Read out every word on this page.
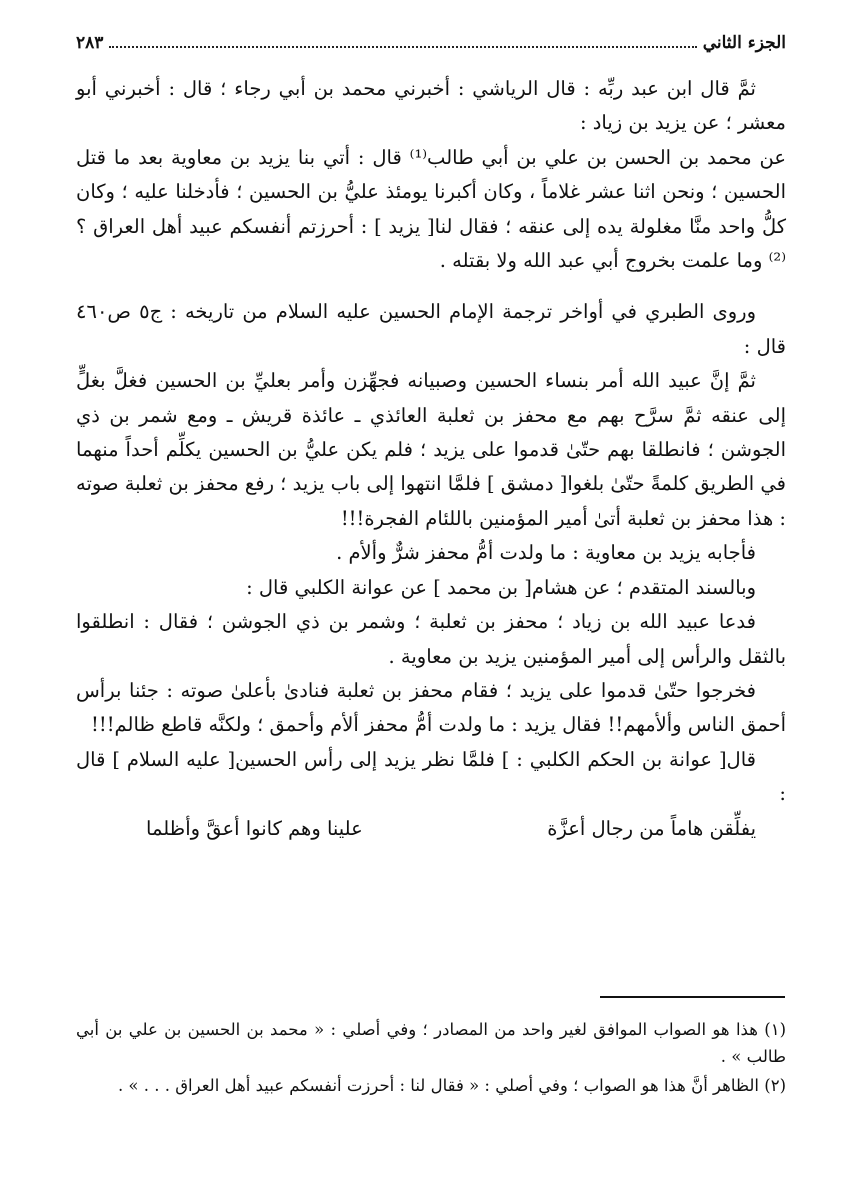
الجزء الثاني
٢٨٣

ثمَّ قال ابن عبد ربِّه : قال الرياشي : أخبرني محمد بن أبي رجاء ؛ قال : أخبرني أبو معشر ؛ عن يزيد بن زياد :

عن محمد بن الحسن بن علي بن أبي طالب⁽¹⁾ قال : أتي بنا يزيد بن معاوية بعد ما قتل الحسين ؛ ونحن اثنا عشر غلاماً ، وكان أكبرنا يومئذ عليُّ بن الحسين ؛ فأدخلنا عليه ؛ وكان كلُّ واحد منَّا مغلولة يده إلى عنقه ؛ فقال لنا[ يزيد ] : أحرزتم أنفسكم عبيد أهل العراق ؟⁽²⁾ وما علمت بخروج أبي عبد الله ولا بقتله .

وروى الطبري في أواخر ترجمة الإمام الحسين عليه السلام من تاريخه : ج٥ ص٤٦٠ قال :

ثمَّ إنَّ عبيد الله أمر بنساء الحسين وصبيانه فجهِّزن وأمر بعليِّ بن الحسين فغلَّ بغلٍّ إلى عنقه ثمَّ سرَّح بهم مع محفز بن ثعلبة العائذي ـ عائذة قريش ـ ومع شمر بن ذي الجوشن ؛ فانطلقا بهم حتّىٰ قدموا على يزيد ؛ فلم يكن عليُّ بن الحسين يكلِّم أحداً منهما في الطريق كلمةً حتّىٰ بلغوا[ دمشق ] فلمَّا انتهوا إلى باب يزيد ؛ رفع محفز بن ثعلبة صوته : هذا محفز بن ثعلبة أتىٰ أمير المؤمنين باللئام الفجرة!!!

فأجابه يزيد بن معاوية : ما ولدت أمُّ محفز شرٌّ وألأم .

وبالسند المتقدم ؛ عن هشام[ بن محمد ] عن عوانة الكلبي قال :

فدعا عبيد الله بن زياد ؛ محفز بن ثعلبة ؛ وشمر بن ذي الجوشن ؛ فقال : انطلقوا بالثقل والرأس إلى أمير المؤمنين يزيد بن معاوية .

فخرجوا حتّىٰ قدموا على يزيد ؛ فقام محفز بن ثعلبة فنادىٰ بأعلىٰ صوته : جئنا برأس أحمق الناس وألأمهم!! فقال يزيد : ما ولدت أمُّ محفز ألأم وأحمق ؛ ولكنَّه قاطع ظالم!!!

قال[ عوانة بن الحكم الكلبي : ] فلمَّا نظر يزيد إلى رأس الحسين[ عليه السلام ] قال :

يفلِّقن هاماً من رجال أعزَّة
علينا وهم كانوا أعقَّ وأظلما

(١) هذا هو الصواب الموافق لغير واحد من المصادر ؛ وفي أصلي : « محمد بن الحسين بن علي بن أبي طالب » .

(٢) الظاهر أنَّ هذا هو الصواب ؛ وفي أصلي : « فقال لنا : أحرزت أنفسكم عبيد أهل العراق . . . » .
